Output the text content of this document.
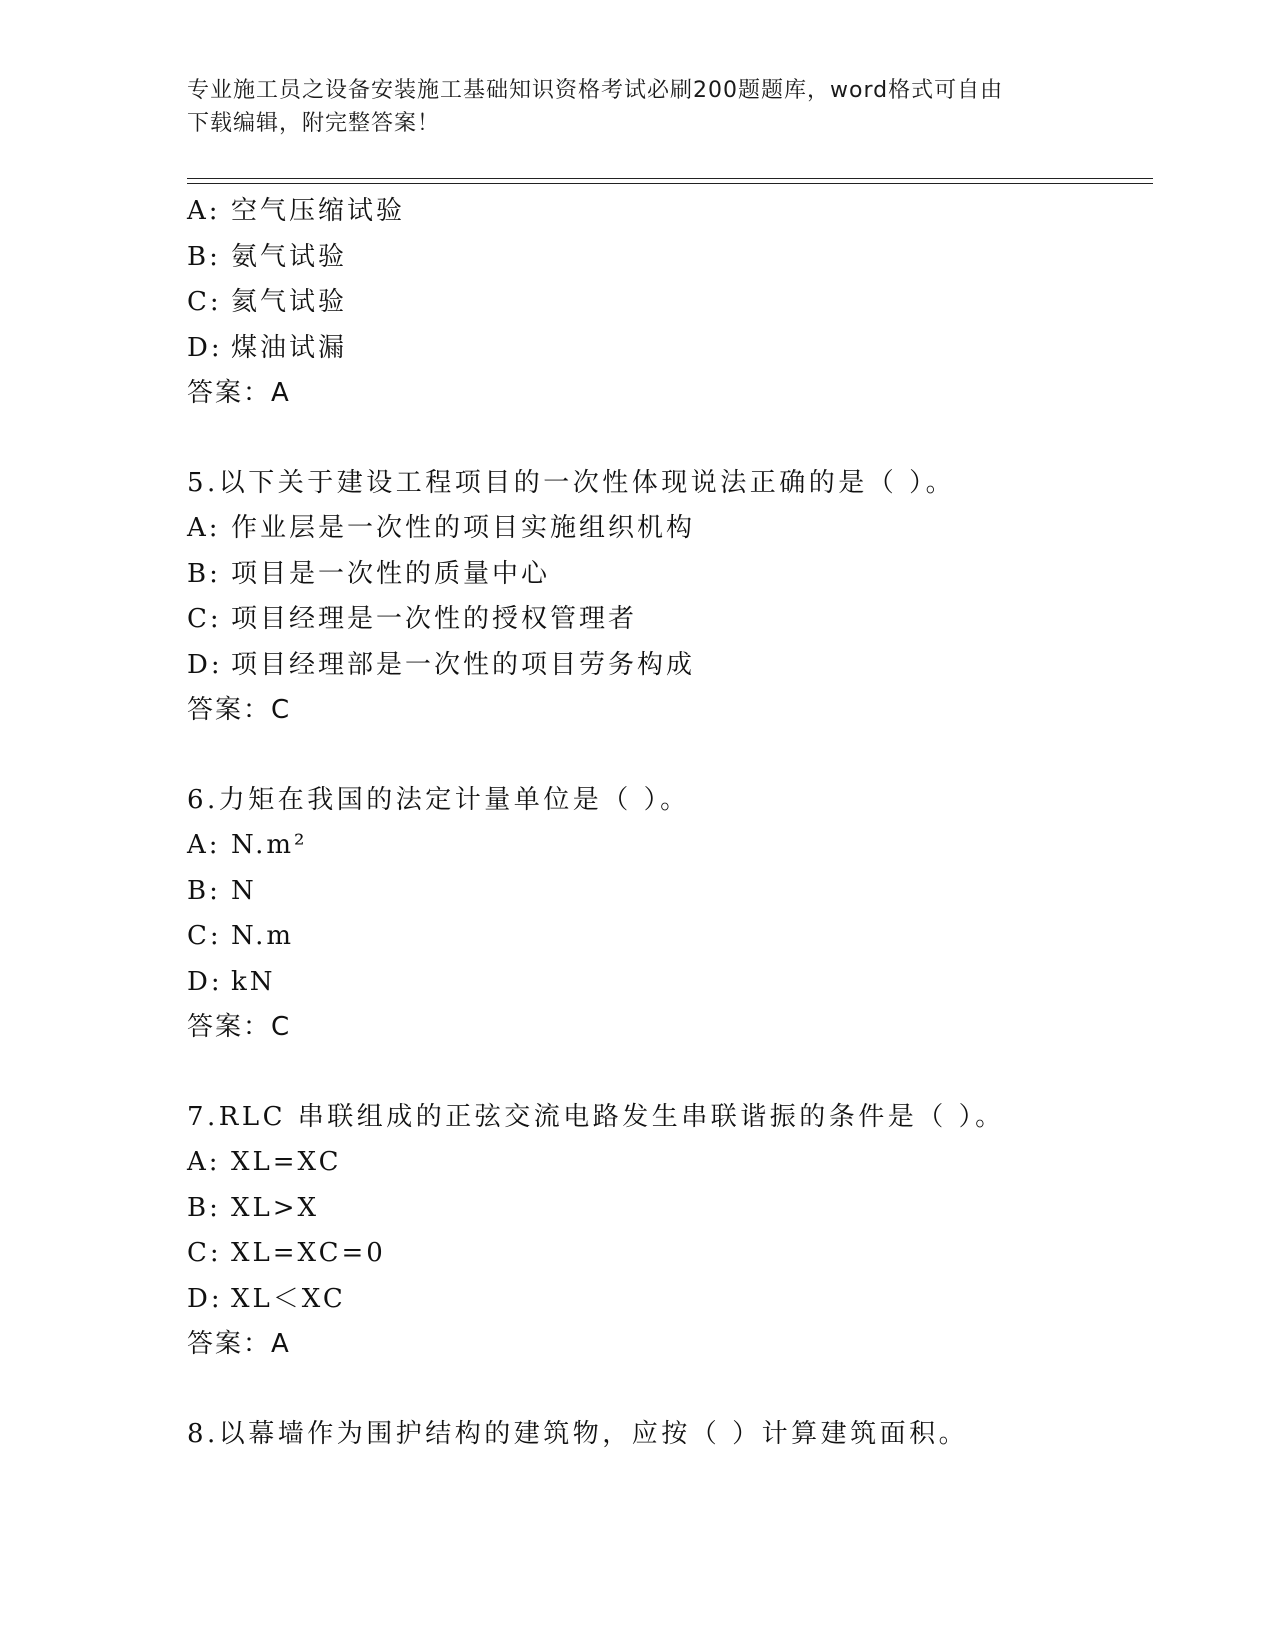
专业施工员之设备安装施工基础知识资格考试必刷200题题库，word格式可自由
下载编辑，附完整答案！
A: 空气压缩试验
B: 氨气试验
C: 氦气试验
D: 煤油试漏
答案：A
5.以下关于建设工程项目的一次性体现说法正确的是（ ）。
A: 作业层是一次性的项目实施组织机构
B: 项目是一次性的质量中心
C: 项目经理是一次性的授权管理者
D: 项目经理部是一次性的项目劳务构成
答案：C
6.力矩在我国的法定计量单位是（ ）。
A: N.m²
B: N
C: N.m
D: kN
答案：C
7.RLC 串联组成的正弦交流电路发生串联谐振的条件是（ ）。
A: XL=XC
B: XL>X
C: XL=XC=0
D: XL＜XC
答案：A
8.以幕墙作为围护结构的建筑物，应按（ ）计算建筑面积。
